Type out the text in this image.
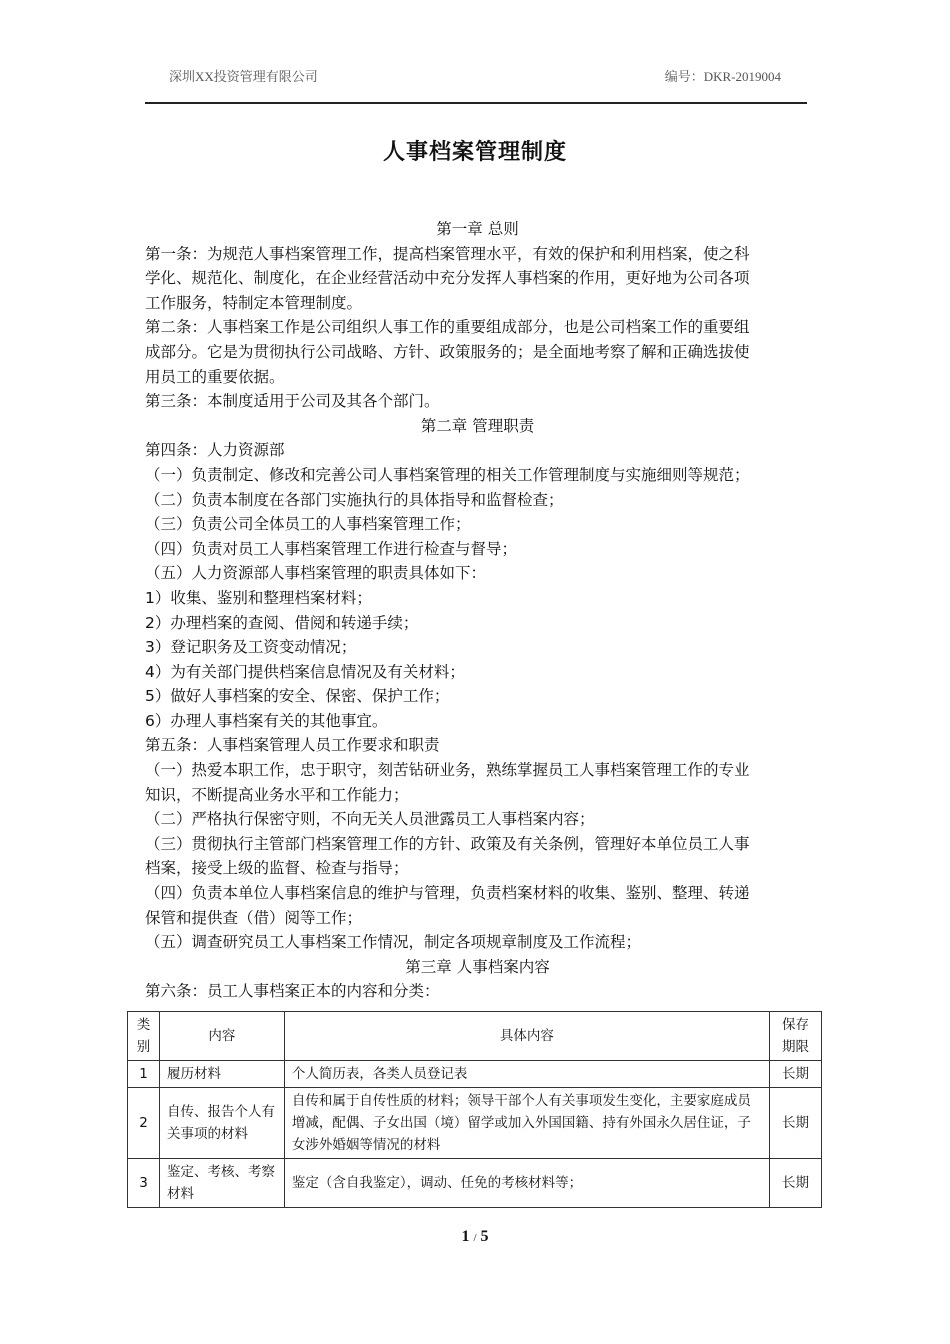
深圳XX投资管理有限公司	编号：DKR-2019004
人事档案管理制度

第一章 总则

第一条：为规范人事档案管理工作，提高档案管理水平，有效的保护和利用档案，使之科

学化、规范化、制度化，在企业经营活动中充分发挥人事档案的作用，更好地为公司各项

工作服务，特制定本管理制度。

第二条：人事档案工作是公司组织人事工作的重要组成部分，也是公司档案工作的重要组

成部分。它是为贯彻执行公司战略、方针、政策服务的；是全面地考察了解和正确选拔使

用员工的重要依据。

第三条：本制度适用于公司及其各个部门。

第二章 管理职责

第四条：人力资源部

（一）负责制定、修改和完善公司人事档案管理的相关工作管理制度与实施细则等规范；

（二）负责本制度在各部门实施执行的具体指导和监督检查；

（三）负责公司全体员工的人事档案管理工作；

（四）负责对员工人事档案管理工作进行检查与督导；

（五）人力资源部人事档案管理的职责具体如下：

1）收集、鉴别和整理档案材料；

2）办理档案的查阅、借阅和转递手续；

3）登记职务及工资变动情况；

4）为有关部门提供档案信息情况及有关材料；

5）做好人事档案的安全、保密、保护工作；

6）办理人事档案有关的其他事宜。

第五条：人事档案管理人员工作要求和职责

（一）热爱本职工作，忠于职守，刻苦钻研业务，熟练掌握员工人事档案管理工作的专业

知识，不断提高业务水平和工作能力；

（二）严格执行保密守则，不向无关人员泄露员工人事档案内容；

（三）贯彻执行主管部门档案管理工作的方针、政策及有关条例，管理好本单位员工人事

档案，接受上级的监督、检查与指导；

（四）负责本单位人事档案信息的维护与管理，负责档案材料的收集、鉴别、整理、转递

保管和提供查（借）阅等工作；

（五）调查研究员工人事档案工作情况，制定各项规章制度及工作流程；

第三章 人事档案内容

第六条：员工人事档案正本的内容和分类：

类别	内容	具体内容	保存期限
1	履历材料	个人简历表，各类人员登记表	长期
2	自传、报告个人有关事项的材料	自传和属于自传性质的材料；领导干部个人有关事项发生变化，主要家庭成员增减，配偶、子女出国（境）留学或加入外国国籍、持有外国永久居住证，子女涉外婚姻等情况的材料	长期
3	鉴定、考核、考察材料	鉴定（含自我鉴定），调动、任免的考核材料等；	长期
1 / 5
